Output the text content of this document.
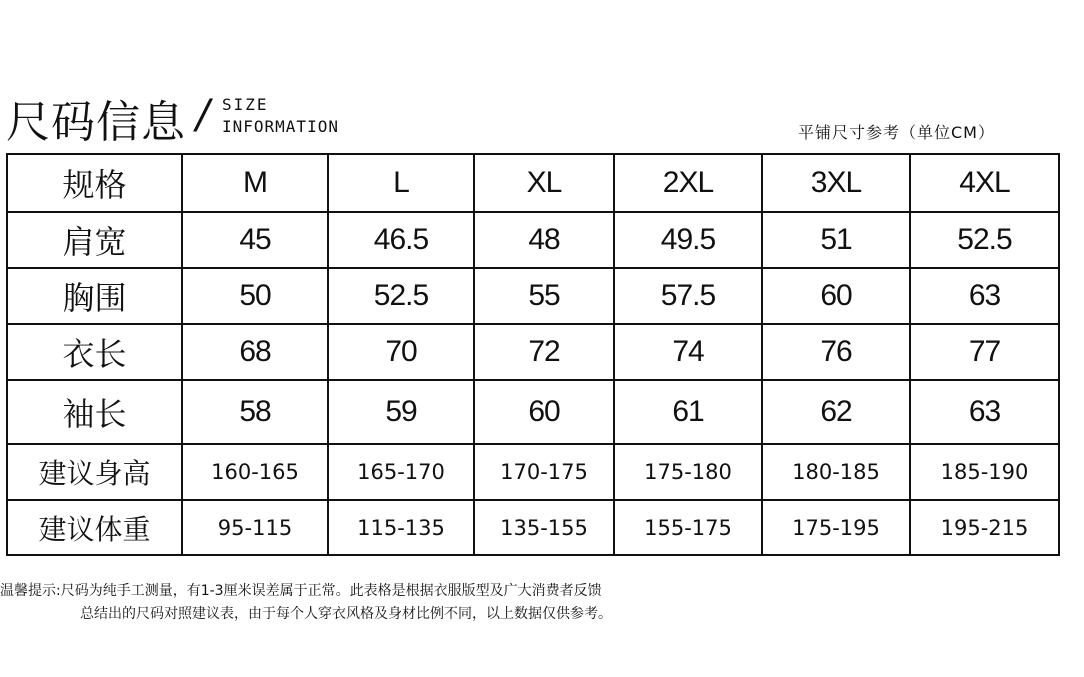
尺码信息 / SIZE
INFORMATION	平铺尺寸参考（单位CM）
规格	M	L	XL	2XL	3XL	4XL
肩宽	45	46.5	48	49.5	51	52.5
胸围	50	52.5	55	57.5	60	63
衣长	68	70	72	74	76	77
袖长	58	59	60	61	62	63
建议身高	160-165	165-170	170-175	175-180	180-185	185-190
建议体重	95-115	115-135	135-155	155-175	175-195	195-215
温馨提示:尺码为纯手工测量，有1-3厘米误差属于正常。此表格是根据衣服版型及广大消费者反馈
总结出的尺码对照建议表，由于每个人穿衣风格及身材比例不同，以上数据仅供参考。
